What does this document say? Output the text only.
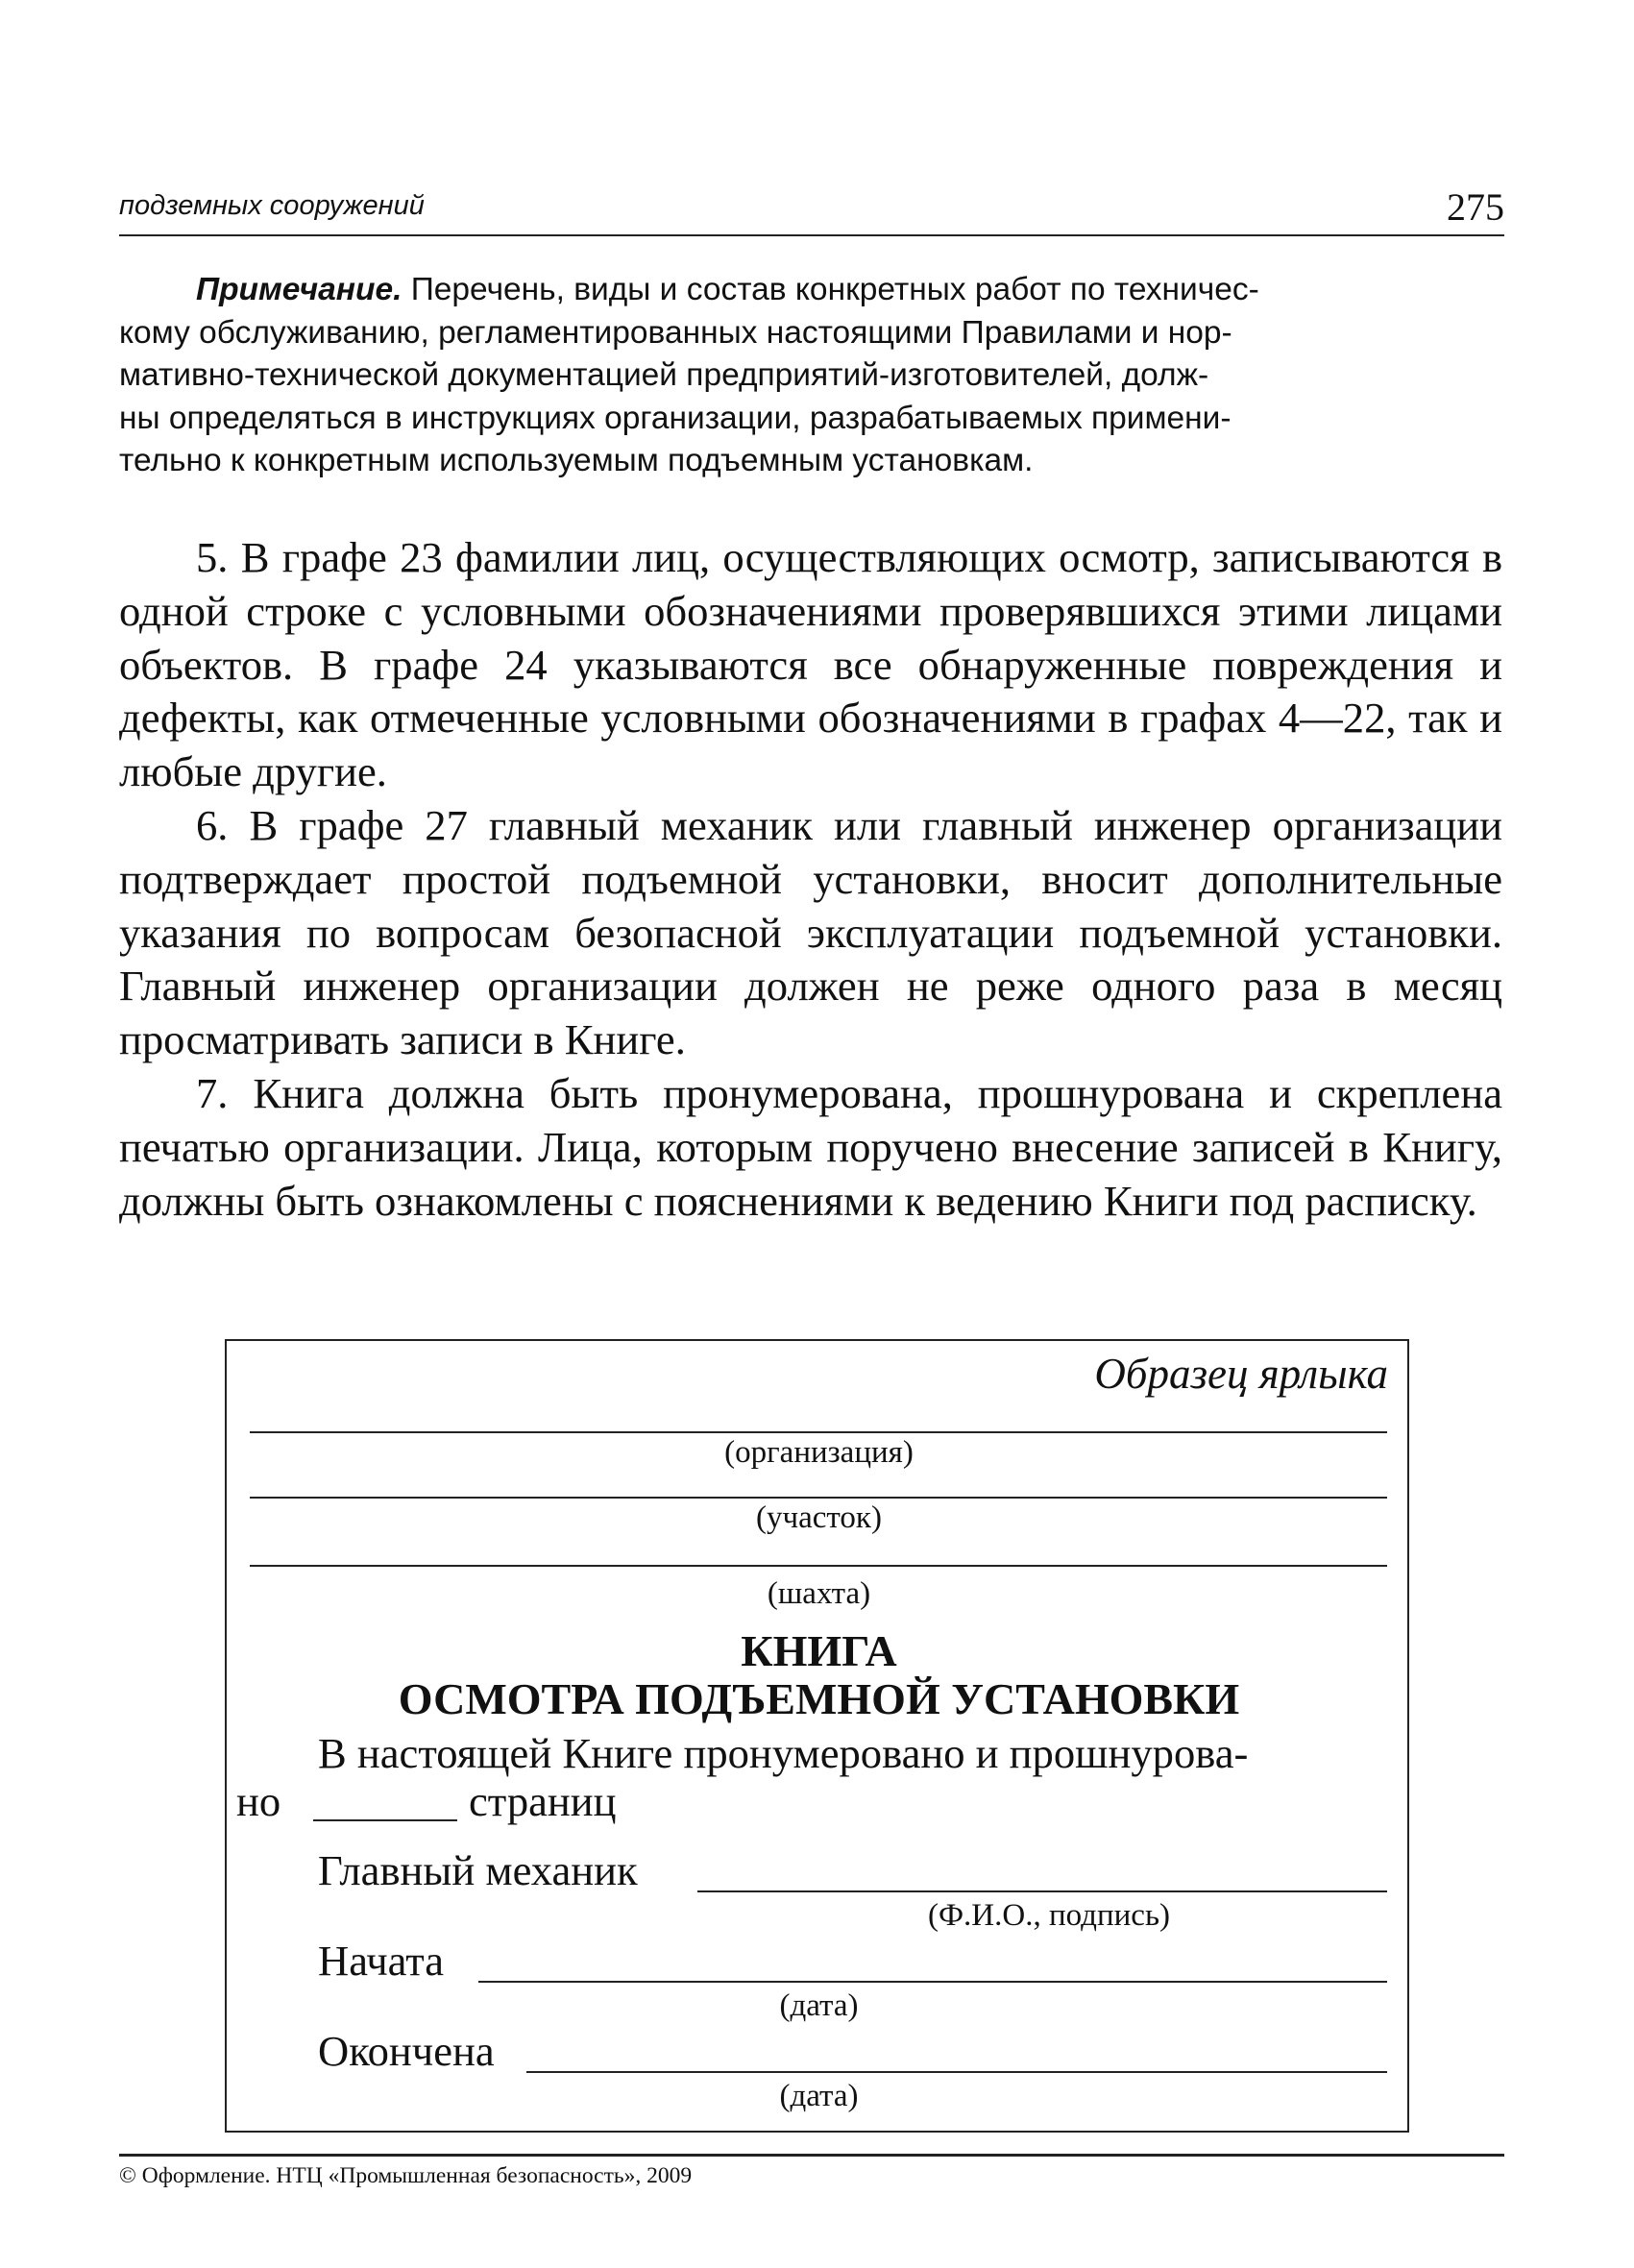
подземных сооружений	275
Примечание. Перечень, виды и состав конкретных работ по техничес-
кому обслуживанию, регламентированных настоящими Правилами и нор-
мативно-технической документацией предприятий-изготовителей, долж-
ны определяться в инструкциях организации, разрабатываемых примени-
тельно к конкретным используемым подъемным установкам.

5. В графе 23 фамилии лиц, осуществляющих осмотр, записываются в одной строке с условными обозначениями проверявшихся этими лицами объектов. В графе 24 указываются все обнаруженные повреждения и дефекты, как отмеченные условными обозначениями в графах 4—22, так и любые другие.

6. В графе 27 главный механик или главный инженер организации подтверждает простой подъемной установки, вносит дополнительные указания по вопросам безопасной эксплуатации подъемной установки. Главный инженер организации должен не реже одного раза в месяц просматривать записи в Книге.

7. Книга должна быть пронумерована, прошнурована и скреплена печатью организации. Лица, которым поручено внесение записей в Книгу, должны быть ознакомлены с пояснениями к ведению Книги под расписку.

Образец ярлыка
(организация)
(участок)
(шахта)
КНИГА
ОСМОТРА ПОДЪЕМНОЙ УСТАНОВКИ
В настоящей Книге пронумеровано и прошнурова-
но	страниц
Главный механик
(Ф.И.О., подпись)
Начата
(дата)
Окончена
(дата)
© Оформление. НТЦ «Промышленная безопасность», 2009
